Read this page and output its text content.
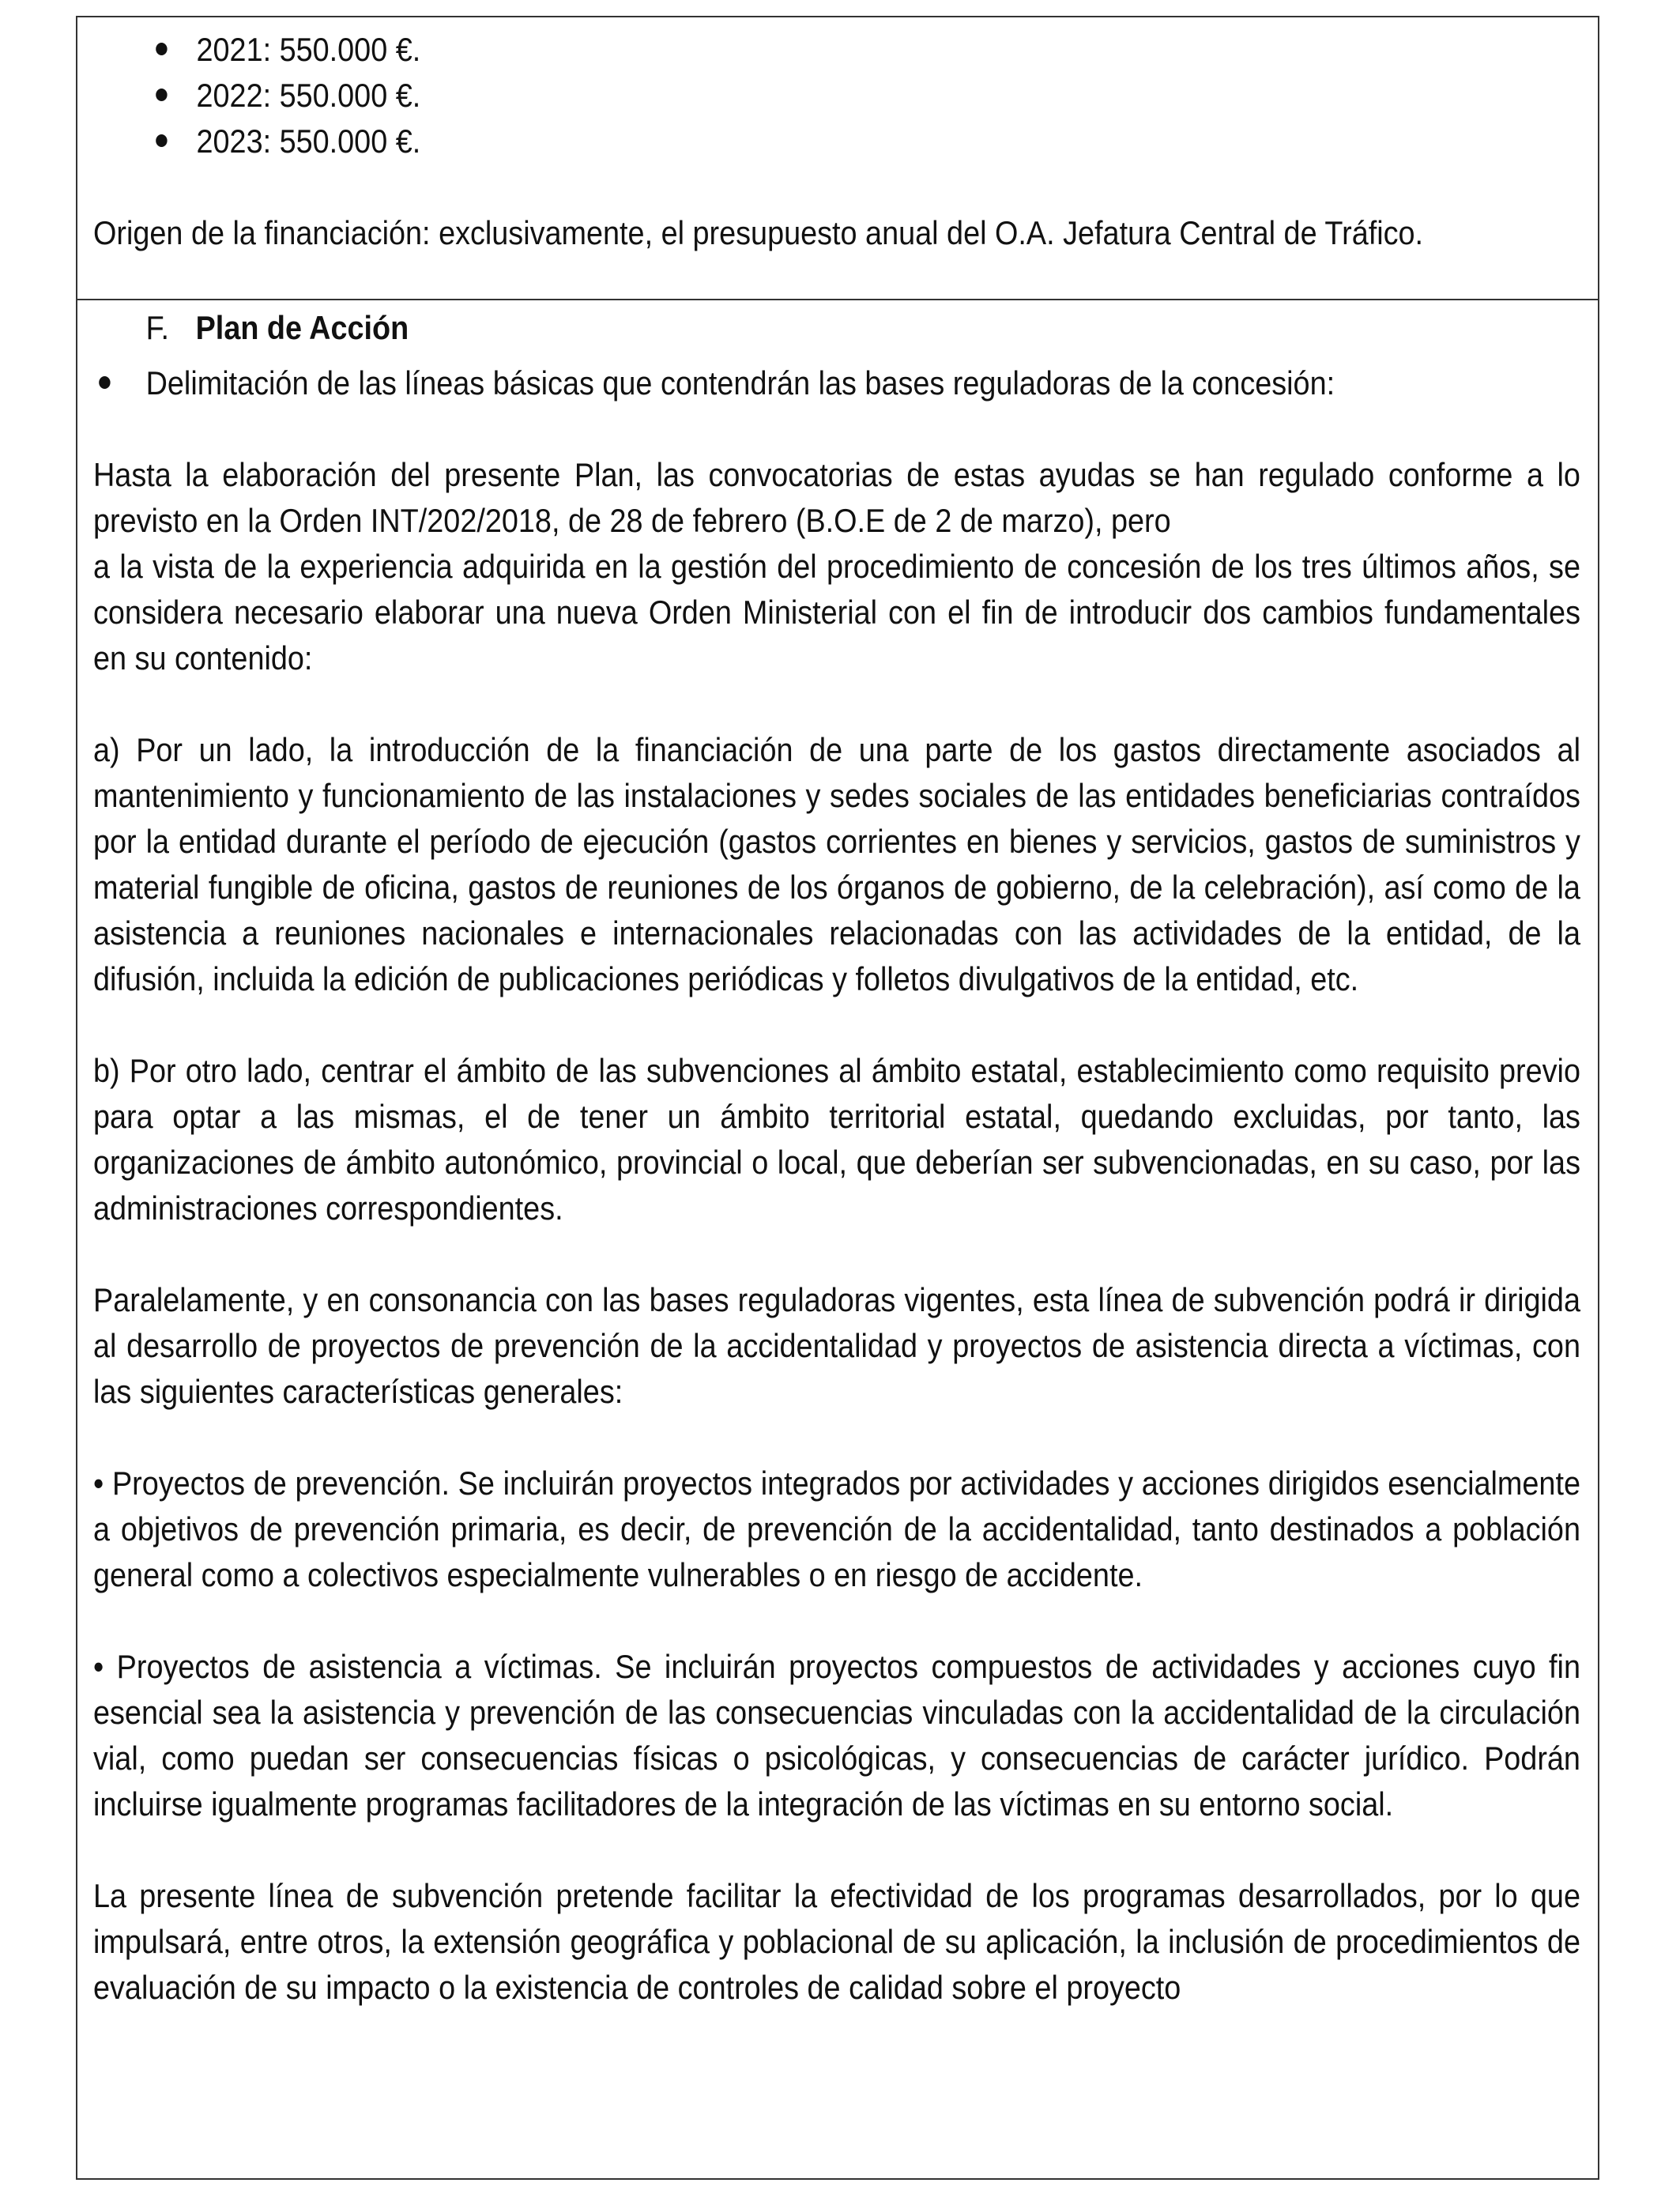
2021: 550.000 €.
2022: 550.000 €.
2023: 550.000 €.

Origen de la financiación: exclusivamente, el presupuesto anual del O.A. Jefatura Central de Tráfico.

F. Plan de Acción

Delimitación de las líneas básicas que contendrán las bases reguladoras de la concesión:

Hasta la elaboración del presente Plan, las convocatorias de estas ayudas se han regulado conforme a lo previsto en la Orden INT/202/2018, de 28 de febrero (B.O.E de 2 de marzo), pero

a la vista de la experiencia adquirida en la gestión del procedimiento de concesión de los tres últimos años, se considera necesario elaborar una nueva Orden Ministerial con el fin de introducir dos cambios fundamentales en su contenido:

a) Por un lado, la introducción de la financiación de una parte de los gastos directamente asociados al mantenimiento y funcionamiento de las instalaciones y sedes sociales de las entidades beneficiarias contraídos por la entidad durante el período de ejecución (gastos corrientes en bienes y servicios, gastos de suministros y material fungible de oficina, gastos de reuniones de los órganos de gobierno, de la celebración), así como de la asistencia a reuniones nacionales e internacionales relacionadas con las actividades de la entidad, de la difusión, incluida la edición de publicaciones periódicas y folletos divulgativos de la entidad, etc.

b) Por otro lado, centrar el ámbito de las subvenciones al ámbito estatal, establecimiento como requisito previo para optar a las mismas, el de tener un ámbito territorial estatal, quedando excluidas, por tanto, las organizaciones de ámbito autonómico, provincial o local, que deberían ser subvencionadas, en su caso, por las administraciones correspondientes.

Paralelamente, y en consonancia con las bases reguladoras vigentes, esta línea de subvención podrá ir dirigida al desarrollo de proyectos de prevención de la accidentalidad y proyectos de asistencia directa a víctimas, con las siguientes características generales:

• Proyectos de prevención. Se incluirán proyectos integrados por actividades y acciones dirigidos esencialmente a objetivos de prevención primaria, es decir, de prevención de la accidentalidad, tanto destinados a población general como a colectivos especialmente vulnerables o en riesgo de accidente.

• Proyectos de asistencia a víctimas. Se incluirán proyectos compuestos de actividades y acciones cuyo fin esencial sea la asistencia y prevención de las consecuencias vinculadas con la accidentalidad de la circulación vial, como puedan ser consecuencias físicas o psicológicas, y consecuencias de carácter jurídico. Podrán incluirse igualmente programas facilitadores de la integración de las víctimas en su entorno social.

La presente línea de subvención pretende facilitar la efectividad de los programas desarrollados, por lo que impulsará, entre otros, la extensión geográfica y poblacional de su aplicación, la inclusión de procedimientos de evaluación de su impacto o la existencia de controles de calidad sobre el proyecto
